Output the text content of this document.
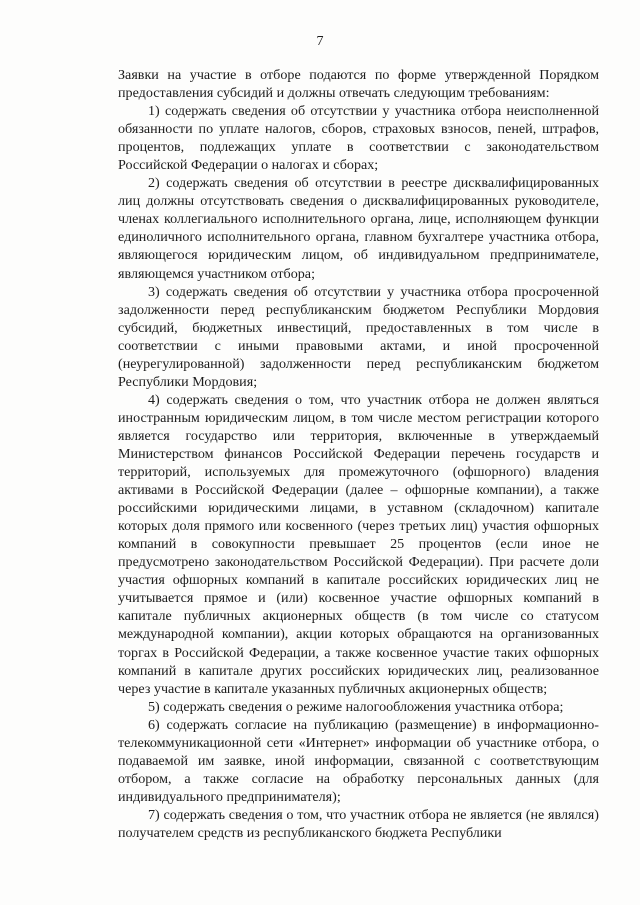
7

Заявки на участие в отборе подаются по форме утвержденной Порядком предоставления субсидий и должны отвечать следующим требованиям:

1) содержать сведения об отсутствии у участника отбора неисполненной обязанности по уплате налогов, сборов, страховых взносов, пеней, штрафов, процентов, подлежащих уплате в соответствии с законодательством Российской Федерации о налогах и сборах;

2) содержать сведения об отсутствии в реестре дисквалифицированных лиц должны отсутствовать сведения о дисквалифицированных руководителе, членах коллегиального исполнительного органа, лице, исполняющем функции единоличного исполнительного органа, главном бухгалтере участника отбора, являющегося юридическим лицом, об индивидуальном предпринимателе, являющемся участником отбора;

3) содержать сведения об отсутствии у участника отбора просроченной задолженности перед республиканским бюджетом Республики Мордовия субсидий, бюджетных инвестиций, предоставленных в том числе в соответствии с иными правовыми актами, и иной просроченной (неурегулированной) задолженности перед республиканским бюджетом Республики Мордовия;

4) содержать сведения о том, что участник отбора не должен являться иностранным юридическим лицом, в том числе местом регистрации которого является государство или территория, включенные в утверждаемый Министерством финансов Российской Федерации перечень государств и территорий, используемых для промежуточного (офшорного) владения активами в Российской Федерации (далее – офшорные компании), а также российскими юридическими лицами, в уставном (складочном) капитале которых доля прямого или косвенного (через третьих лиц) участия офшорных компаний в совокупности превышает 25 процентов (если иное не предусмотрено законодательством Российской Федерации). При расчете доли участия офшорных компаний в капитале российских юридических лиц не учитывается прямое и (или) косвенное участие офшорных компаний в капитале публичных акционерных обществ (в том числе со статусом международной компании), акции которых обращаются на организованных торгах в Российской Федерации, а также косвенное участие таких офшорных компаний в капитале других российских юридических лиц, реализованное через участие в капитале указанных публичных акционерных обществ;

5) содержать сведения о режиме налогообложения участника отбора;

6) содержать согласие на публикацию (размещение) в информационно-телекоммуникационной сети «Интернет» информации об участнике отбора, о подаваемой им заявке, иной информации, связанной с соответствующим отбором, а также согласие на обработку персональных данных (для индивидуального предпринимателя);

7) содержать сведения о том, что участник отбора не является (не являлся) получателем средств из республиканского бюджета Республики
